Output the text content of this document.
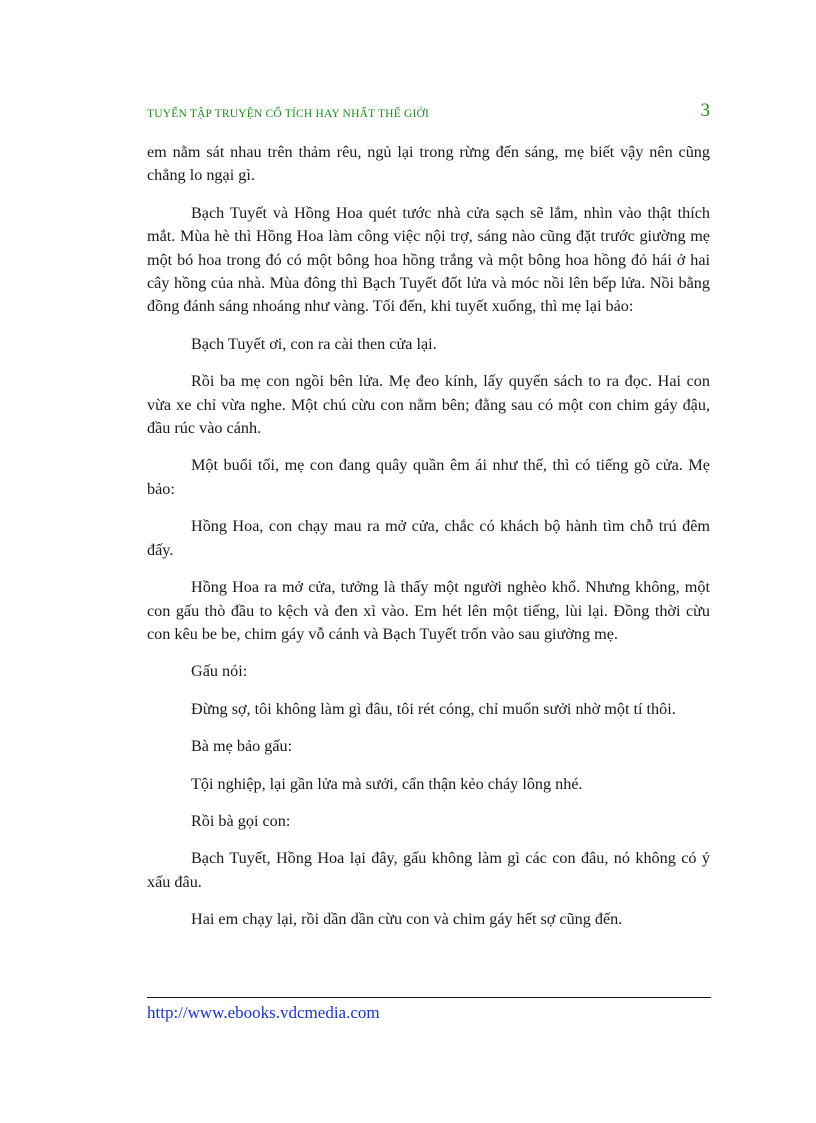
TUYỂN TẬP TRUYỆN CỔ TÍCH HAY NHẤT THẾ GIỚI	3

em nằm sát nhau trên thảm rêu, ngủ lại trong rừng đến sáng, mẹ biết vậy nên cũng chẳng lo ngại gì.

Bạch Tuyết và Hồng Hoa quét tước nhà cửa sạch sẽ lắm, nhìn vào thật thích mắt. Mùa hè thì Hồng Hoa làm công việc nội trợ, sáng nào cũng đặt trước giường mẹ một bó hoa trong đó có một bông hoa hồng trắng và một bông hoa hồng đỏ hái ở hai cây hồng của nhà. Mùa đông thì Bạch Tuyết đốt lửa và móc nồi lên bếp lửa. Nồi bằng đồng đánh sáng nhoáng như vàng. Tối đến, khi tuyết xuống, thì mẹ lại bảo:

Bạch Tuyết ơi, con ra cài then cửa lại.

Rồi ba mẹ con ngồi bên lửa. Mẹ đeo kính, lấy quyển sách to ra đọc. Hai con vừa xe chỉ vừa nghe. Một chú cừu con nằm bên; đằng sau có một con chim gáy đậu, đầu rúc vào cánh.

Một buổi tối, mẹ con đang quây quần êm ái như thế, thì có tiếng gõ cửa. Mẹ bảo:

Hồng Hoa, con chạy mau ra mở cửa, chắc có khách bộ hành tìm chỗ trú đêm đấy.

Hồng Hoa ra mở cửa, tưởng là thấy một người nghèo khổ. Nhưng không, một con gấu thò đầu to kệch và đen xì vào. Em hét lên một tiếng, lùi lại. Đồng thời cừu con kêu be be, chim gáy vỗ cánh và Bạch Tuyết trốn vào sau giường mẹ.

Gấu nói:

Đừng sợ, tôi không làm gì đâu, tôi rét cóng, chỉ muốn sưởi nhờ một tí thôi.

Bà mẹ bảo gấu:

Tội nghiệp, lại gần lửa mà sưởi, cẩn thận kẻo cháy lông nhé.

Rồi bà gọi con:

Bạch Tuyết, Hồng Hoa lại đây, gấu không làm gì các con đâu, nó không có ý xấu đâu.

Hai em chạy lại, rồi dần dần cừu con và chim gáy hết sợ cũng đến.

http://www.ebooks.vdcmedia.com
